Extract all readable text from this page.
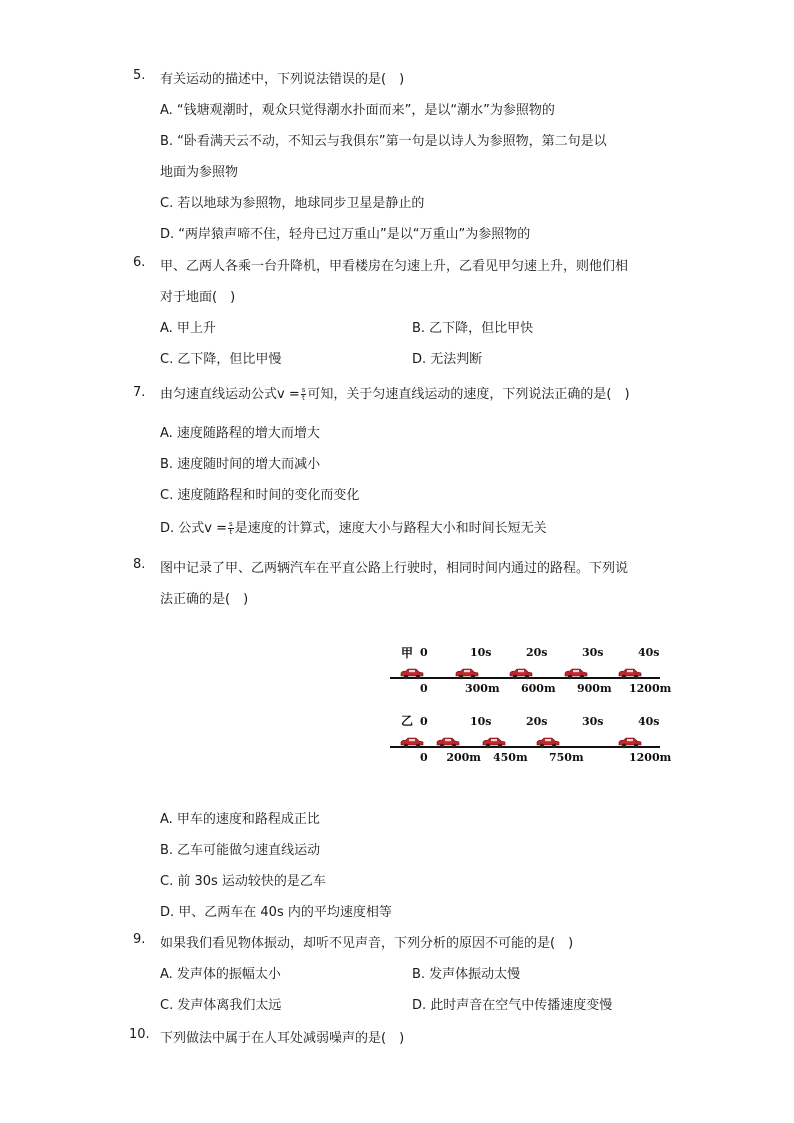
5. 有关运动的描述中，下列说法错误的是(　)
A. “钱塘观潮时，观众只觉得潮水扑面而来”，是以“潮水”为参照物的
B. “卧看满天云不动，不知云与我俱东”第一句是以诗人为参照物，第二句是以
地面为参照物
C. 若以地球为参照物，地球同步卫星是静止的
D. “两岸猿声啼不住，轻舟已过万重山”是以“万重山”为参照物的
6. 甲、乙两人各乘一台升降机，甲看楼房在匀速上升，乙看见甲匀速上升，则他们相
对于地面(　)
A. 甲上升	B. 乙下降，但比甲快
C. 乙下降，但比甲慢	D. 无法判断
7. 由匀速直线运动公式$v = \frac{s}{t}$ 可知，关于匀速直线运动的速度，下列说法正确的是(　)
A. 速度随路程的增大而增大
B. 速度随时间的增大而减小
C. 速度随路程和时间的变化而变化
D. 公式$v = \frac{s}{t}$ 是速度的计算式，速度大小与路程大小和时间长短无关
8. 图中记录了甲、乙两辆汽车在平直公路上行驶时，相同时间内通过的路程。下列说
法正确的是(　)
甲
乙
0	10s	20s	30s	40s
0	300m 600m 900m 1200m
0	10s	20s	30s	40s
0 200m 450m 750m	1200m
A. 甲车的速度和路程成正比
B. 乙车可能做匀速直线运动
C. 前 30s 运动较快的是乙车
D. 甲、乙两车在 40s 内的平均速度相等
9. 如果我们看见物体振动，却听不见声音，下列分析的原因不可能的是(　)
A. 发声体的振幅太小	B. 发声体振动太慢
C. 发声体离我们太远	D. 此时声音在空气中传播速度变慢
10. 下列做法中属于在人耳处减弱噪声的是(　)
